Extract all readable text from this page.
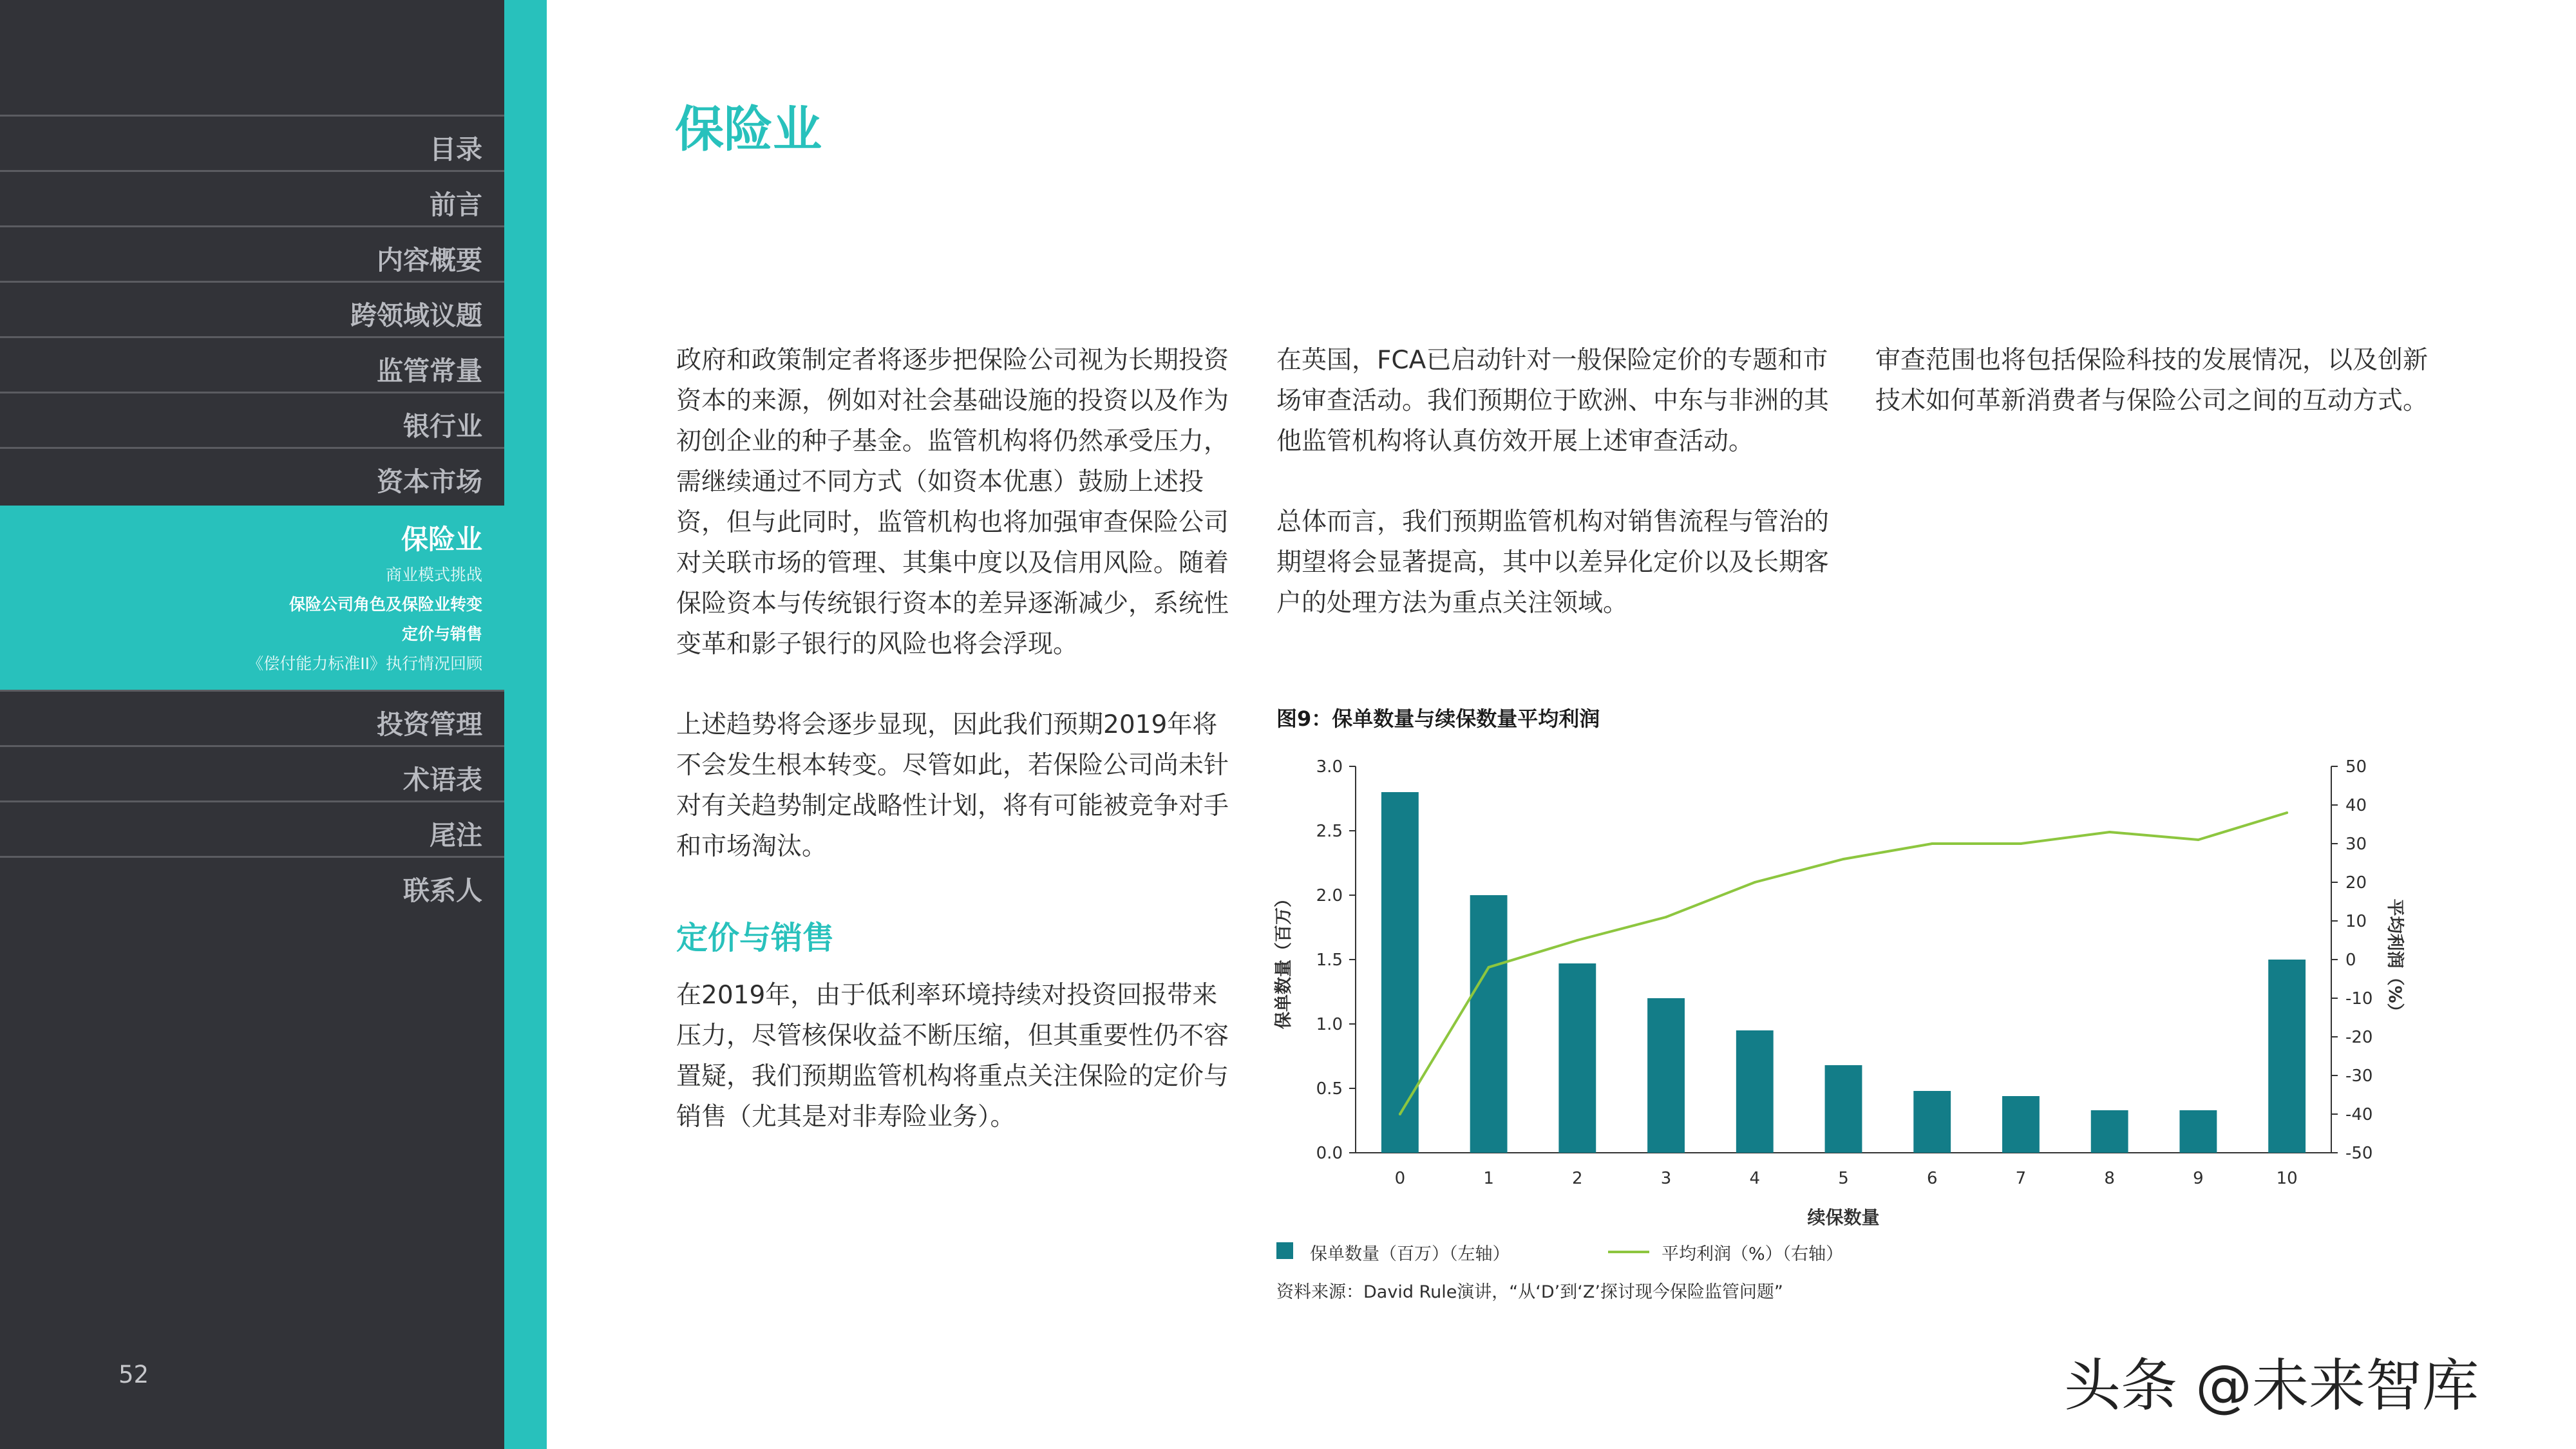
目录
前言
内容概要
跨领域议题
监管常量
银行业
资本市场
保险业
商业模式挑战
保险公司角色及保险业转变
定价与销售
《偿付能力标准II》执行情况回顾
投资管理
术语表
尾注
联系人
52
保险业

政府和政策制定者将逐步把保险公司视为长期投资资本的来源，例如对社会基础设施的投资以及作为初创企业的种子基金。监管机构将仍然承受压力，需继续通过不同方式（如资本优惠）鼓励上述投资，但与此同时，监管机构也将加强审查保险公司对关联市场的管理、其集中度以及信用风险。随着保险资本与传统银行资本的差异逐渐减少，系统性变革和影子银行的风险也将会浮现。

上述趋势将会逐步显现，因此我们预期2019年将不会发生根本转变。尽管如此，若保险公司尚未针对有关趋势制定战略性计划，将有可能被竞争对手和市场淘汰。

定价与销售

在2019年，由于低利率环境持续对投资回报带来压力，尽管核保收益不断压缩，但其重要性仍不容置疑，我们预期监管机构将重点关注保险的定价与销售（尤其是对非寿险业务）。

在英国，FCA已启动针对一般保险定价的专题和市场审查活动。我们预期位于欧洲、中东与非洲的其他监管机构将认真仿效开展上述审查活动。

总体而言，我们预期监管机构对销售流程与管治的期望将会显著提高，其中以差异化定价以及长期客户的处理方法为重点关注领域。

审查范围也将包括保险科技的发展情况，以及创新技术如何革新消费者与保险公司之间的互动方式。

图9：保单数量与续保数量平均利润
0.0
0.5
1.0
1.5
2.0
2.5
3.0
-50
-40
-30
-20
-10
0
10
20
30
40
50
0	1	2	3	4	5	6	7	8	9	10
续保数量
保单数量（百万）	平均利润（%）
保单数量（百万）（左轴）	平均利润（%）（右轴）
资料来源：David Rule演讲，“从‘D’到‘Z’探讨现今保险监管问题”
头条 @未来智库
